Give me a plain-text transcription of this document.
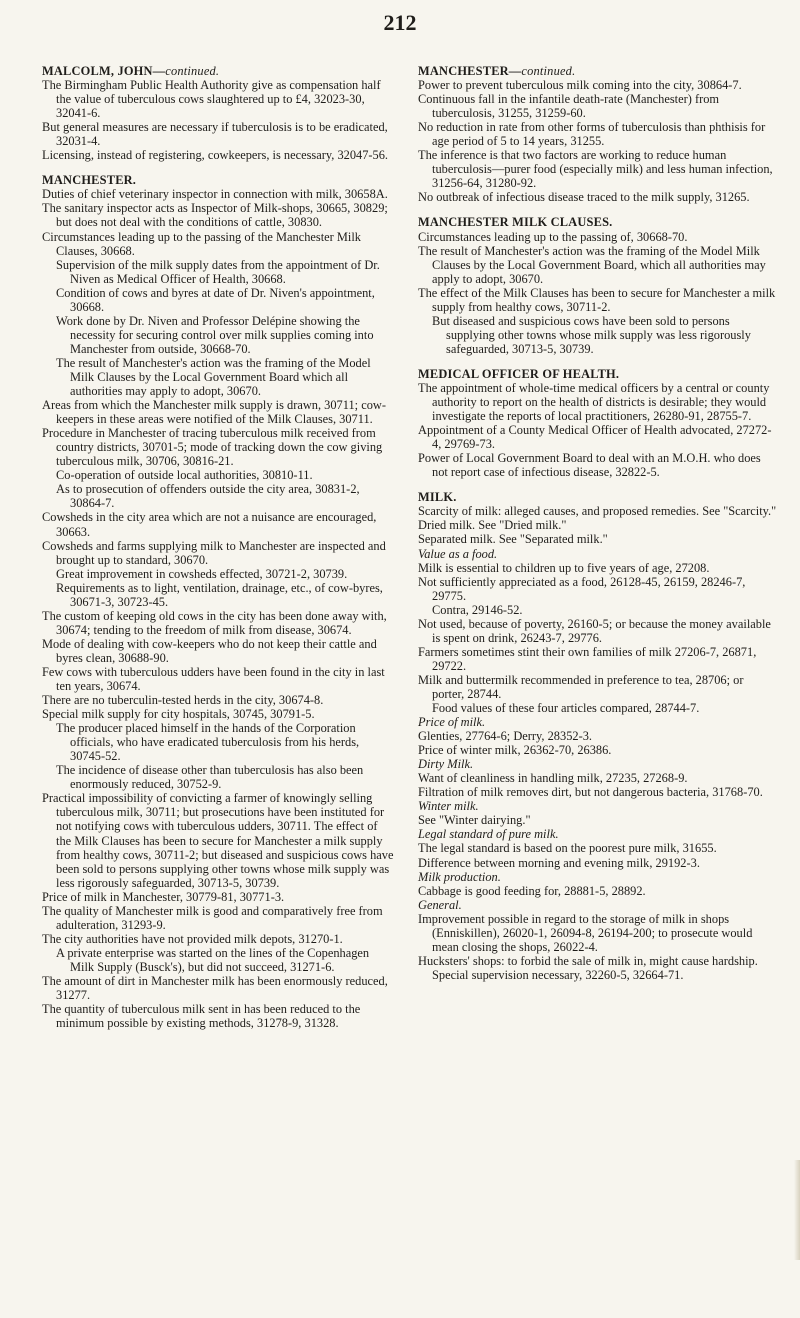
212
MALCOLM, JOHN—continued.

The Birmingham Public Health Authority give as compensation half the value of tuberculous cows slaughtered up to £4, 32023-30, 32041-6.

But general measures are necessary if tuberculosis is to be eradicated, 32031-4.

Licensing, instead of registering, cowkeepers, is necessary, 32047-56.

MANCHESTER.

Duties of chief veterinary inspector in connection with milk, 30658A.

The sanitary inspector acts as Inspector of Milk-shops, 30665, 30829; but does not deal with the conditions of cattle, 30830.

Circumstances leading up to the passing of the Manchester Milk Clauses, 30668.

Supervision of the milk supply dates from the appointment of Dr. Niven as Medical Officer of Health, 30668.

Condition of cows and byres at date of Dr. Niven's appointment, 30668.

Work done by Dr. Niven and Professor Delépine showing the necessity for securing control over milk supplies coming into Manchester from outside, 30668-70.

The result of Manchester's action was the framing of the Model Milk Clauses by the Local Government Board which all authorities may apply to adopt, 30670.

Areas from which the Manchester milk supply is drawn, 30711; cow-keepers in these areas were notified of the Milk Clauses, 30711.

Procedure in Manchester of tracing tuberculous milk received from country districts, 30701-5; mode of tracking down the cow giving tuberculous milk, 30706, 30816-21.

Co-operation of outside local authorities, 30810-11.

As to prosecution of offenders outside the city area, 30831-2, 30864-7.

Cowsheds in the city area which are not a nuisance are encouraged, 30663.

Cowsheds and farms supplying milk to Manchester are inspected and brought up to standard, 30670.

Great improvement in cowsheds effected, 30721-2, 30739.

Requirements as to light, ventilation, drainage, etc., of cow-byres, 30671-3, 30723-45.

The custom of keeping old cows in the city has been done away with, 30674; tending to the freedom of milk from disease, 30674.

Mode of dealing with cow-keepers who do not keep their cattle and byres clean, 30688-90.

Few cows with tuberculous udders have been found in the city in last ten years, 30674.

There are no tuberculin-tested herds in the city, 30674-8.

Special milk supply for city hospitals, 30745, 30791-5.

The producer placed himself in the hands of the Corporation officials, who have eradicated tuberculosis from his herds, 30745-52.

The incidence of disease other than tuberculosis has also been enormously reduced, 30752-9.

Practical impossibility of convicting a farmer of knowingly selling tuberculous milk, 30711; but prosecutions have been instituted for not notifying cows with tuberculous udders, 30711. The effect of the Milk Clauses has been to secure for Manchester a milk supply from healthy cows, 30711-2; but diseased and suspicious cows have been sold to persons supplying other towns whose milk supply was less rigorously safeguarded, 30713-5, 30739.

Price of milk in Manchester, 30779-81, 30771-3.

The quality of Manchester milk is good and comparatively free from adulteration, 31293-9.

The city authorities have not provided milk depots, 31270-1.

A private enterprise was started on the lines of the Copenhagen Milk Supply (Busck's), but did not succeed, 31271-6.

The amount of dirt in Manchester milk has been enormously reduced, 31277.

The quantity of tuberculous milk sent in has been reduced to the minimum possible by existing methods, 31278-9, 31328.

MANCHESTER—continued.

Power to prevent tuberculous milk coming into the city, 30864-7.

Continuous fall in the infantile death-rate (Manchester) from tuberculosis, 31255, 31259-60.

No reduction in rate from other forms of tuberculosis than phthisis for age period of 5 to 14 years, 31255.

The inference is that two factors are working to reduce human tuberculosis—purer food (especially milk) and less human infection, 31256-64, 31280-92.

No outbreak of infectious disease traced to the milk supply, 31265.

MANCHESTER MILK CLAUSES.

Circumstances leading up to the passing of, 30668-70.

The result of Manchester's action was the framing of the Model Milk Clauses by the Local Government Board, which all authorities may apply to adopt, 30670.

The effect of the Milk Clauses has been to secure for Manchester a milk supply from healthy cows, 30711-2.

But diseased and suspicious cows have been sold to persons supplying other towns whose milk supply was less rigorously safeguarded, 30713-5, 30739.

MEDICAL OFFICER OF HEALTH.

The appointment of whole-time medical officers by a central or county authority to report on the health of districts is desirable; they would investigate the reports of local practitioners, 26280-91, 28755-7.

Appointment of a County Medical Officer of Health advocated, 27272-4, 29769-73.

Power of Local Government Board to deal with an M.O.H. who does not report case of infectious disease, 32822-5.

MILK.

Scarcity of milk: alleged causes, and proposed remedies. See "Scarcity."

Dried milk. See "Dried milk."

Separated milk. See "Separated milk."

Value as a food.

Milk is essential to children up to five years of age, 27208.

Not sufficiently appreciated as a food, 26128-45, 26159, 28246-7, 29775.

Contra, 29146-52.

Not used, because of poverty, 26160-5; or because the money available is spent on drink, 26243-7, 29776.

Farmers sometimes stint their own families of milk 27206-7, 26871, 29722.

Milk and buttermilk recommended in preference to tea, 28706; or porter, 28744.

Food values of these four articles compared, 28744-7.

Price of milk.

Glenties, 27764-6; Derry, 28352-3.

Price of winter milk, 26362-70, 26386.

Dirty Milk.

Want of cleanliness in handling milk, 27235, 27268-9.

Filtration of milk removes dirt, but not dangerous bacteria, 31768-70.

Winter milk.

See "Winter dairying."

Legal standard of pure milk.

The legal standard is based on the poorest pure milk, 31655.

Difference between morning and evening milk, 29192-3.

Milk production.

Cabbage is good feeding for, 28881-5, 28892.

General.

Improvement possible in regard to the storage of milk in shops (Enniskillen), 26020-1, 26094-8, 26194-200; to prosecute would mean closing the shops, 26022-4.

Hucksters' shops: to forbid the sale of milk in, might cause hardship. Special supervision necessary, 32260-5, 32664-71.
